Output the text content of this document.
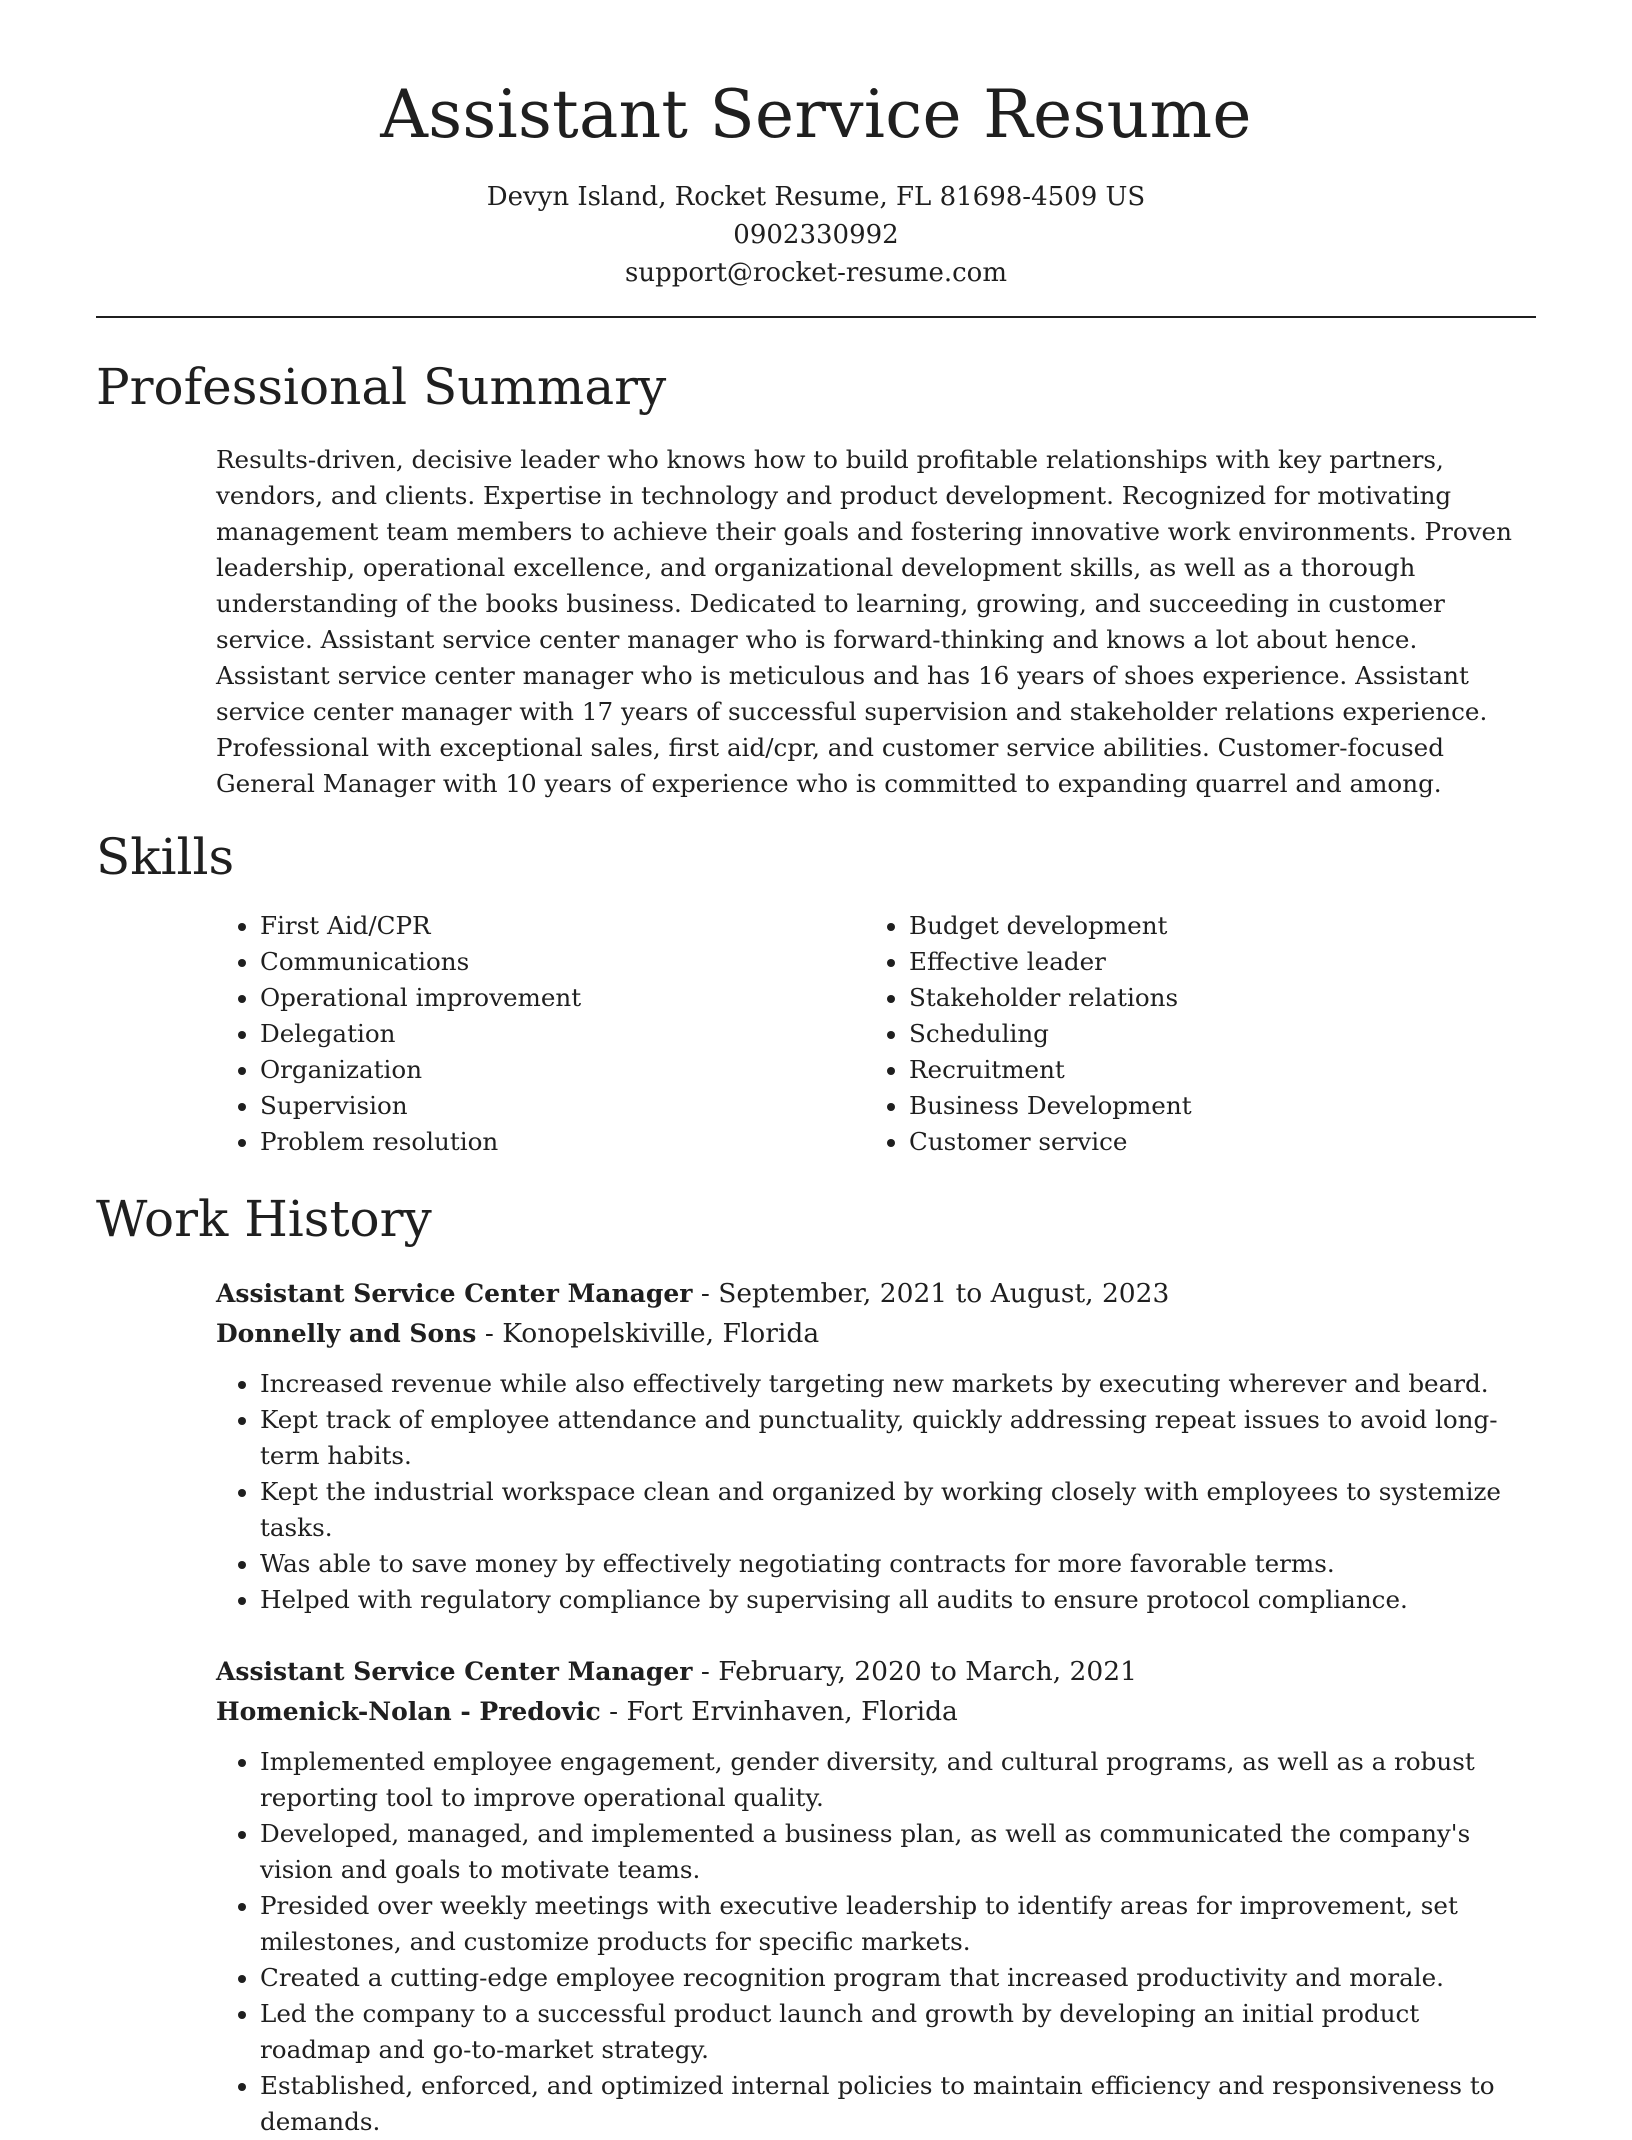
Assistant Service Resume
Devyn Island, Rocket Resume, FL 81698-4509 US
0902330992
support@rocket-resume.com
Professional Summary

Results-driven, decisive leader who knows how to build profitable relationships with key partners, vendors, and clients. Expertise in technology and product development. Recognized for motivating management team members to achieve their goals and fostering innovative work environments. Proven leadership, operational excellence, and organizational development skills, as well as a thorough understanding of the books business. Dedicated to learning, growing, and succeeding in customer service. Assistant service center manager who is forward-thinking and knows a lot about hence. Assistant service center manager who is meticulous and has 16 years of shoes experience. Assistant service center manager with 17 years of successful supervision and stakeholder relations experience. Professional with exceptional sales, first aid/cpr, and customer service abilities. Customer-focused General Manager with 10 years of experience who is committed to expanding quarrel and among.

Skills
• First Aid/CPR
• Communications
• Operational improvement
• Delegation
• Organization
• Supervision
• Problem resolution
• Budget development
• Effective leader
• Stakeholder relations
• Scheduling
• Recruitment
• Business Development
• Customer service
Work History
Assistant Service Center Manager - September, 2021 to August, 2023
Donnelly and Sons - Konopelskiville, Florida
• Increased revenue while also effectively targeting new markets by executing wherever and beard.
• Kept track of employee attendance and punctuality, quickly addressing repeat issues to avoid long-term habits.
• Kept the industrial workspace clean and organized by working closely with employees to systemize tasks.
• Was able to save money by effectively negotiating contracts for more favorable terms.
• Helped with regulatory compliance by supervising all audits to ensure protocol compliance.
Assistant Service Center Manager - February, 2020 to March, 2021
Homenick-Nolan - Predovic - Fort Ervinhaven, Florida
• Implemented employee engagement, gender diversity, and cultural programs, as well as a robust reporting tool to improve operational quality.
• Developed, managed, and implemented a business plan, as well as communicated the company's vision and goals to motivate teams.
• Presided over weekly meetings with executive leadership to identify areas for improvement, set milestones, and customize products for specific markets.
• Created a cutting-edge employee recognition program that increased productivity and morale.
• Led the company to a successful product launch and growth by developing an initial product roadmap and go-to-market strategy.
• Established, enforced, and optimized internal policies to maintain efficiency and responsiveness to demands.
